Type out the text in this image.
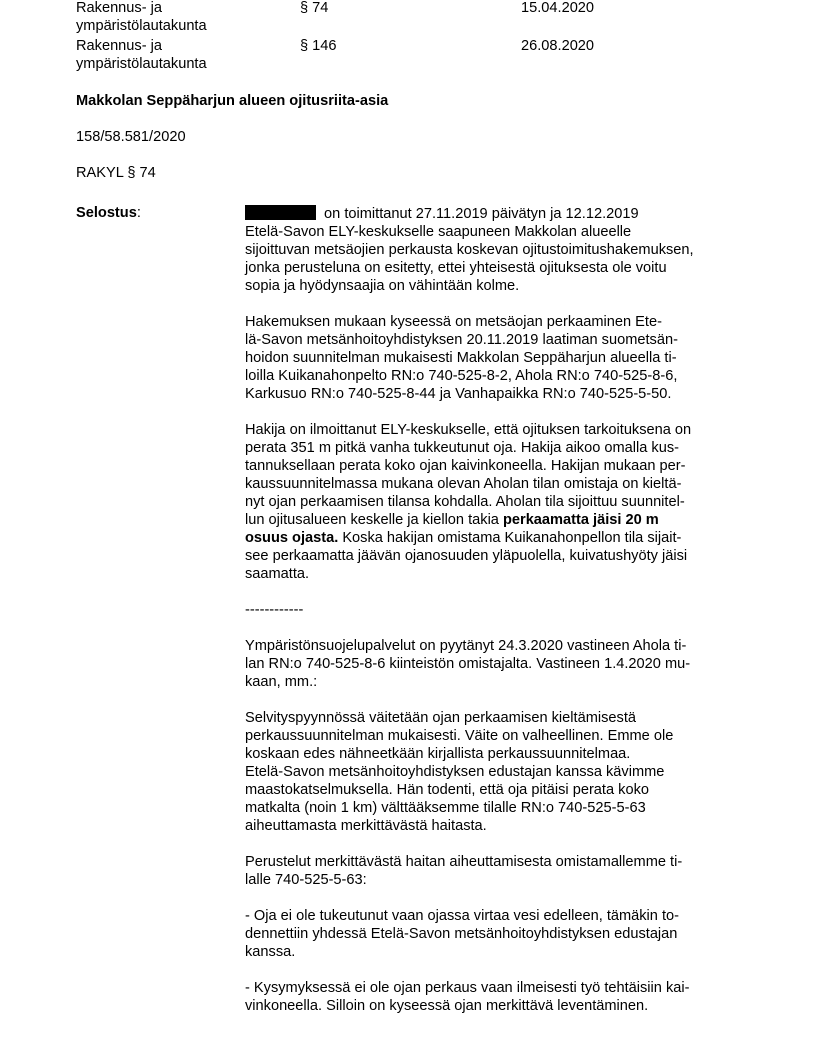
Rakennus- ja
ympäristölautakunta
§ 74	15.04.2020
Rakennus- ja
ympäristölautakunta
§ 146	26.08.2020
Makkolan Seppäharjun alueen ojitusriita-asia
158/58.581/2020
RAKYL § 74
Selostus:	on toimittanut 27.11.2019 päivätyn ja 12.12.2019
Etelä-Savon ELY-keskukselle saapuneen Makkolan alueelle
sijoittuvan metsäojien perkausta koskevan ojitustoimitushakemuksen,
jonka perusteluna on esitetty, ettei yhteisestä ojituksesta ole voitu
sopia ja hyödynsaajia on vähintään kolme.
Hakemuksen mukaan kyseessä on metsäojan perkaaminen Ete-
lä-Savon metsänhoitoyhdistyksen 20.11.2019 laatiman suometsän-
hoidon suunnitelman mukaisesti Makkolan Seppäharjun alueella ti-
loilla Kuikanahonpelto RN:o 740-525-8-2, Ahola RN:o 740-525-8-6,
Karkusuo RN:o 740-525-8-44 ja Vanhapaikka RN:o 740-525-5-50.
Hakija on ilmoittanut ELY-keskukselle, että ojituksen tarkoituksena on
perata 351 m pitkä vanha tukkeutunut oja. Hakija aikoo omalla kus-
tannuksellaan perata koko ojan kaivinkoneella. Hakijan mukaan per-
kaussuunnitelmassa mukana olevan Aholan tilan omistaja on kieltä-
nyt ojan perkaamisen tilansa kohdalla. Aholan tila sijoittuu suunnitel-
lun ojitusalueen keskelle ja kiellon takia perkaamatta jäisi 20 m
osuus ojasta. Koska hakijan omistama Kuikanahonpellon tila sijait-
see perkaamatta jäävän ojanosuuden yläpuolella, kuivatushyöty jäisi
saamatta.
------------
Ympäristönsuojelupalvelut on pyytänyt 24.3.2020 vastineen Ahola ti-
lan RN:o 740-525-8-6 kiinteistön omistajalta. Vastineen 1.4.2020 mu-
kaan, mm.:
Selvityspyynnössä väitetään ojan perkaamisen kieltämisestä
perkaussuunnitelman mukaisesti. Väite on valheellinen. Emme ole
koskaan edes nähneetkään kirjallista perkaussuunnitelmaa.
Etelä-Savon metsänhoitoyhdistyksen edustajan kanssa kävimme
maastokatselmuksella. Hän todenti, että oja pitäisi perata koko
matkalta (noin 1 km) välttääksemme tilalle RN:o 740-525-5-63
aiheuttamasta merkittävästä haitasta.
Perustelut merkittävästä haitan aiheuttamisesta omistamallemme ti-
lalle 740-525-5-63:
- Oja ei ole tukeutunut vaan ojassa virtaa vesi edelleen, tämäkin to-
dennettiin yhdessä Etelä-Savon metsänhoitoyhdistyksen edustajan
kanssa.
- Kysymyksessä ei ole ojan perkaus vaan ilmeisesti työ tehtäisiin kai-
vinkoneella. Silloin on kyseessä ojan merkittävä leventäminen.
